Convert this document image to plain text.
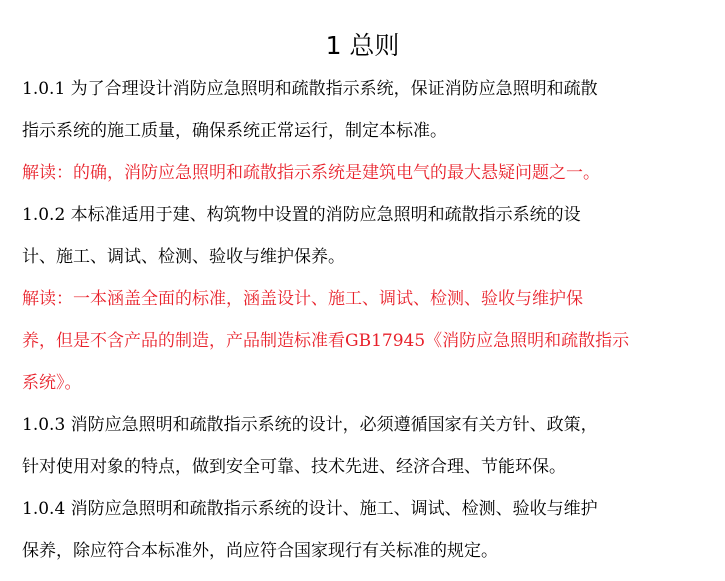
1 总则

1.0.1 为了合理设计消防应急照明和疏散指示系统，保证消防应急照明和疏散

指示系统的施工质量，确保系统正常运行，制定本标准。

解读：的确，消防应急照明和疏散指示系统是建筑电气的最大悬疑问题之一。

1.0.2 本标准适用于建、构筑物中设置的消防应急照明和疏散指示系统的设

计、施工、调试、检测、验收与维护保养。

解读：一本涵盖全面的标准，涵盖设计、施工、调试、检测、验收与维护保

养，但是不含产品的制造，产品制造标准看GB17945《消防应急照明和疏散指示

系统》。

1.0.3 消防应急照明和疏散指示系统的设计，必须遵循国家有关方针、政策，

针对使用对象的特点，做到安全可靠、技术先进、经济合理、节能环保。

1.0.4 消防应急照明和疏散指示系统的设计、施工、调试、检测、验收与维护

保养，除应符合本标准外，尚应符合国家现行有关标准的规定。
